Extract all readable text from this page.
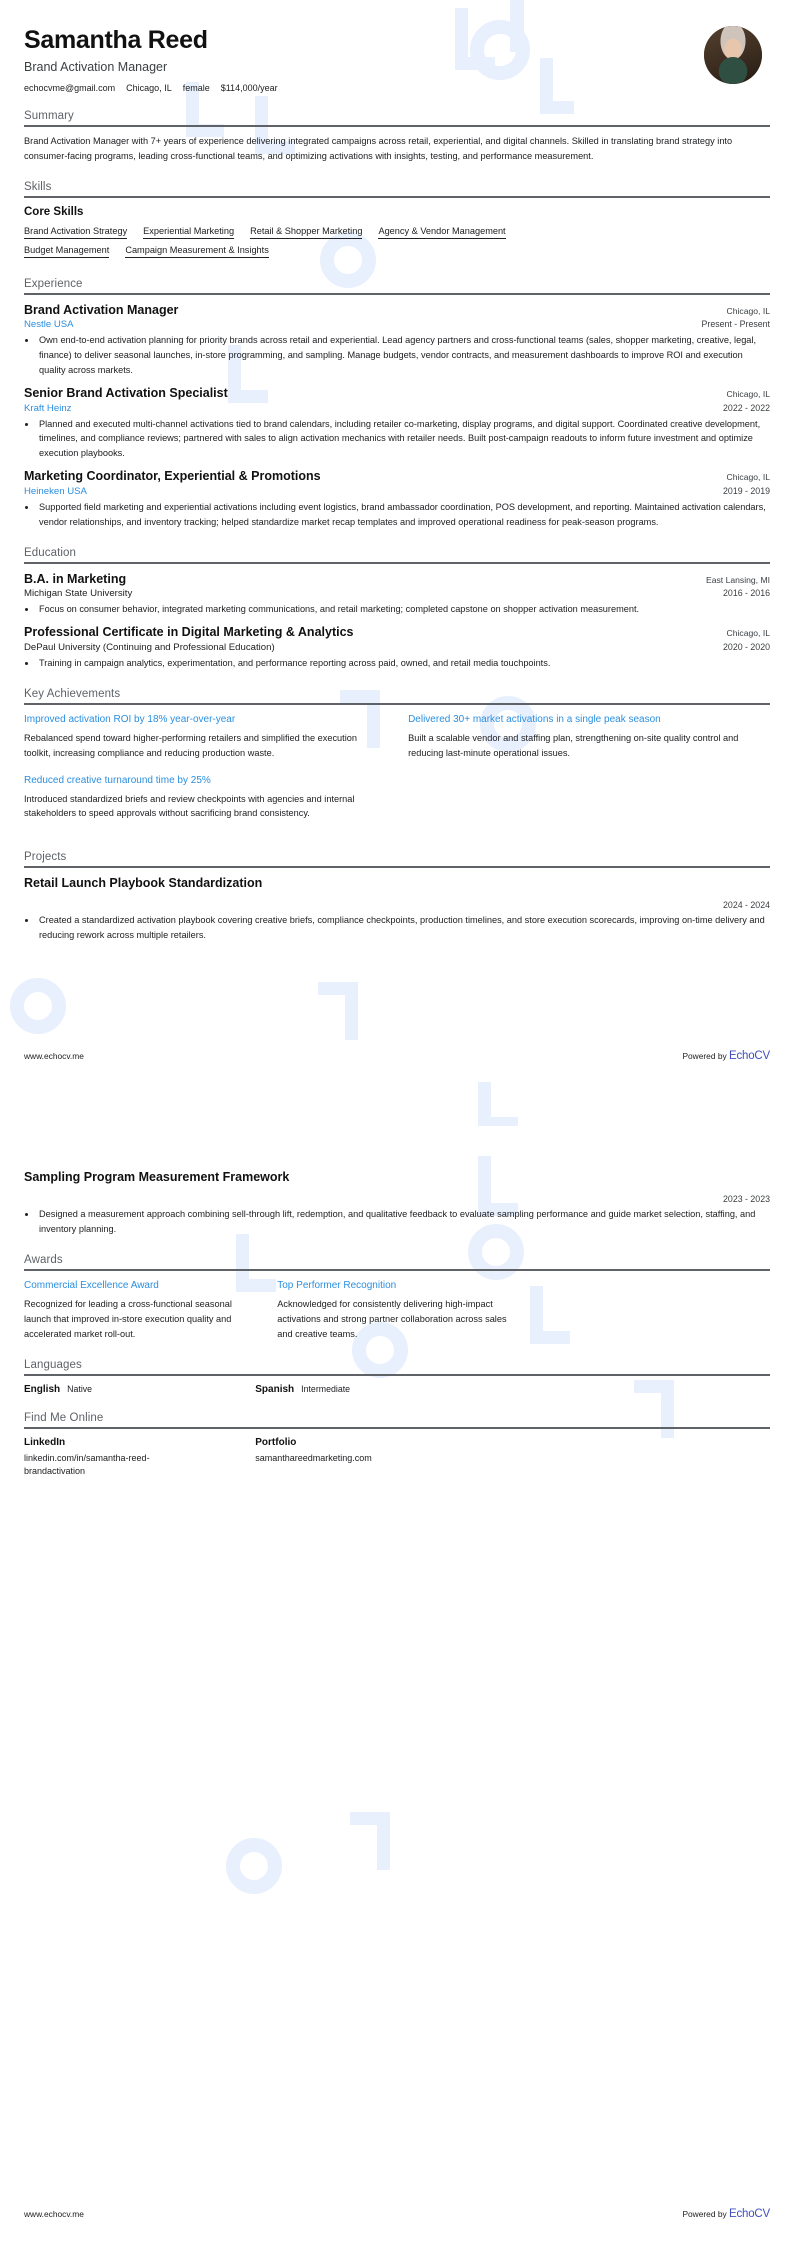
Samantha Reed
Brand Activation Manager
echocvme@gmail.com Chicago, IL female $114,000/year
Summary
Brand Activation Manager with 7+ years of experience delivering integrated campaigns across retail, experiential, and digital channels. Skilled in translating brand strategy into consumer-facing programs, leading cross-functional teams, and optimizing activations with insights, testing, and performance measurement.
Skills
Core Skills
Brand Activation Strategy Experiential Marketing Retail & Shopper Marketing Agency & Vendor Management
Budget Management Campaign Measurement & Insights
Experience
Brand Activation Manager	Chicago, IL
Nestle USA	Present - Present
• Own end-to-end activation planning for priority brands across retail and experiential. Lead agency partners and cross-functional teams (sales, shopper marketing, creative, legal, finance) to deliver seasonal launches, in-store programming, and sampling. Manage budgets, vendor contracts, and measurement dashboards to improve ROI and execution quality across markets.
Senior Brand Activation Specialist	Chicago, IL
Kraft Heinz	2022 - 2022
• Planned and executed multi-channel activations tied to brand calendars, including retailer co-marketing, display programs, and digital support. Coordinated creative development, timelines, and compliance reviews; partnered with sales to align activation mechanics with retailer needs. Built post-campaign readouts to inform future investment and optimize execution playbooks.
Marketing Coordinator, Experiential & Promotions	Chicago, IL
Heineken USA	2019 - 2019
• Supported field marketing and experiential activations including event logistics, brand ambassador coordination, POS development, and reporting. Maintained activation calendars, vendor relationships, and inventory tracking; helped standardize market recap templates and improved operational readiness for peak-season programs.
Education
B.A. in Marketing	East Lansing, MI
Michigan State University	2016 - 2016
• Focus on consumer behavior, integrated marketing communications, and retail marketing; completed capstone on shopper activation measurement.
Professional Certificate in Digital Marketing & Analytics	Chicago, IL
DePaul University (Continuing and Professional Education)	2020 - 2020
• Training in campaign analytics, experimentation, and performance reporting across paid, owned, and retail media touchpoints.
Key Achievements
Improved activation ROI by 18% year-over-year
Rebalanced spend toward higher-performing retailers and simplified the execution toolkit, increasing compliance and reducing production waste.
Reduced creative turnaround time by 25%
Introduced standardized briefs and review checkpoints with agencies and internal stakeholders to speed approvals without sacrificing brand consistency.
Delivered 30+ market activations in a single peak season
Built a scalable vendor and staffing plan, strengthening on-site quality control and reducing last-minute operational issues.
Projects
Retail Launch Playbook Standardization
2024 - 2024
• Created a standardized activation playbook covering creative briefs, compliance checkpoints, production timelines, and store execution scorecards, improving on-time delivery and reducing rework across multiple retailers.
www.echocv.me	Powered by EchoCV
Sampling Program Measurement Framework
2023 - 2023
• Designed a measurement approach combining sell-through lift, redemption, and qualitative feedback to evaluate sampling performance and guide market selection, staffing, and inventory planning.
Awards
Commercial Excellence Award
Recognized for leading a cross-functional seasonal launch that improved in-store execution quality and accelerated market roll-out.
Top Performer Recognition
Acknowledged for consistently delivering high-impact activations and strong partner collaboration across sales and creative teams.
Languages
English Native	Spanish Intermediate
Find Me Online
LinkedIn
linkedin.com/in/samantha-reed-brandactivation
Portfolio
samanthareedmarketing.com
www.echocv.me	Powered by EchoCV
